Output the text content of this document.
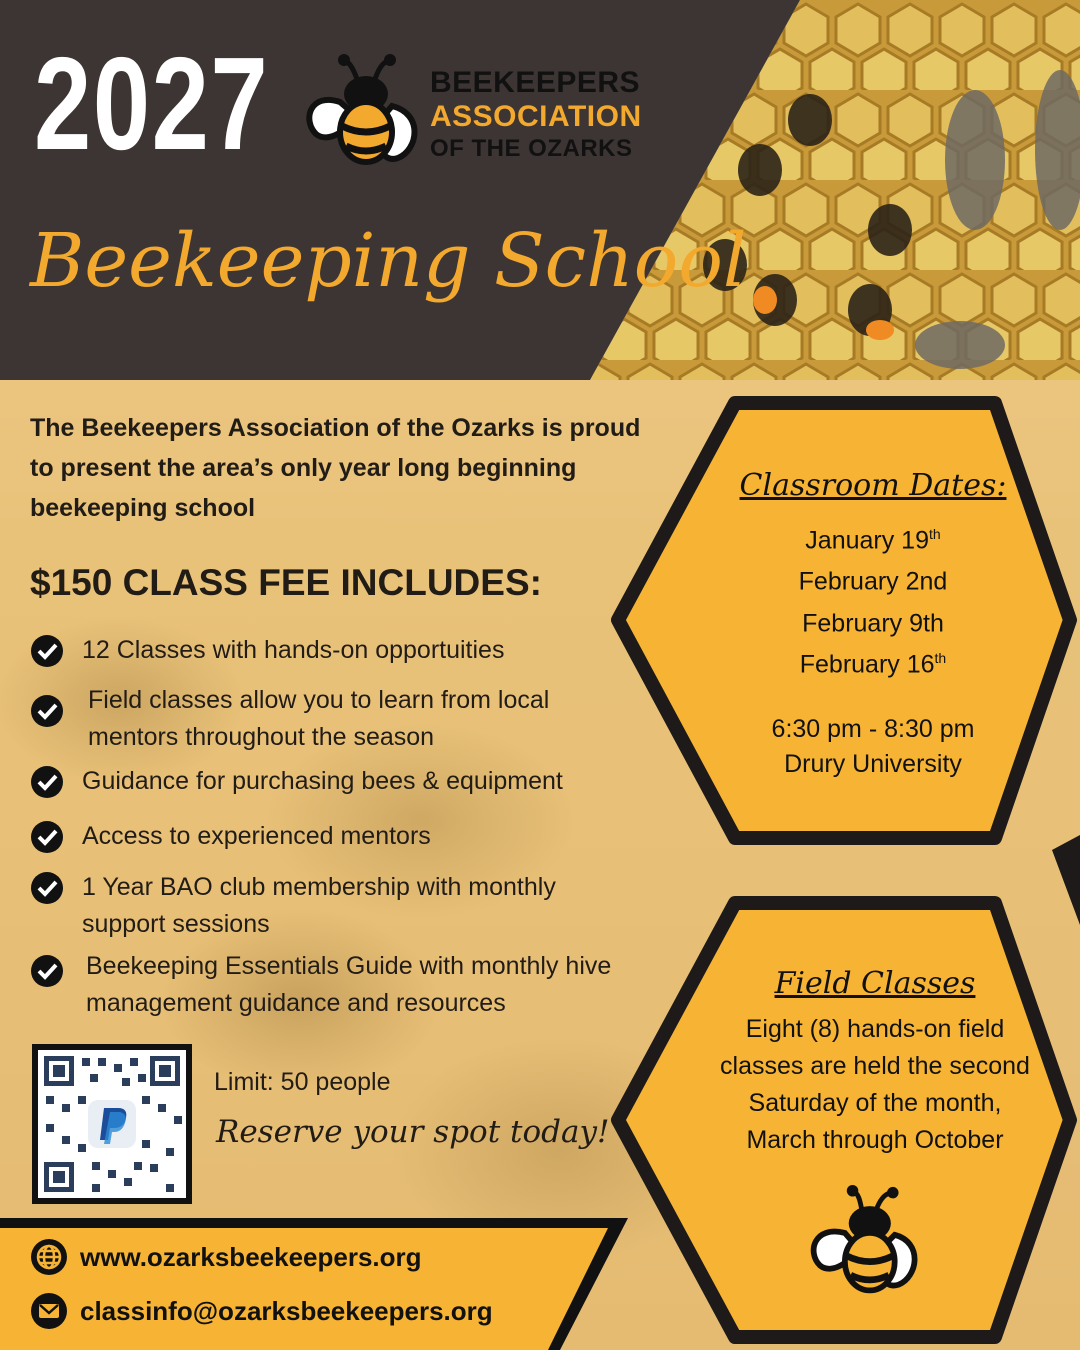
2027	BEEKEEPERS
ASSOCIATION
OF THE OZARKS
Beekeeping School
The Beekeepers Association of the Ozarks is proud to present the area’s only year long beginning beekeeping school
$150 CLASS FEE INCLUDES:
12 Classes with hands-on opportuities
Field classes allow you to learn from local mentors throughout the season
Guidance for purchasing bees & equipment
Access to experienced mentors
1 Year BAO club membership with monthly support sessions
Beekeeping Essentials Guide with monthly hive management guidance and resources
Limit: 50 people
Reserve your spot today!
www.ozarksbeekeepers.org
classinfo@ozarksbeekeepers.org
Classroom Dates:
January 19th
February 2nd
February 9th
February 16th
6:30 pm - 8:30 pm
Drury University
Field Classes
Eight (8) hands-on field
classes are held the second
Saturday of the month,
March through October
